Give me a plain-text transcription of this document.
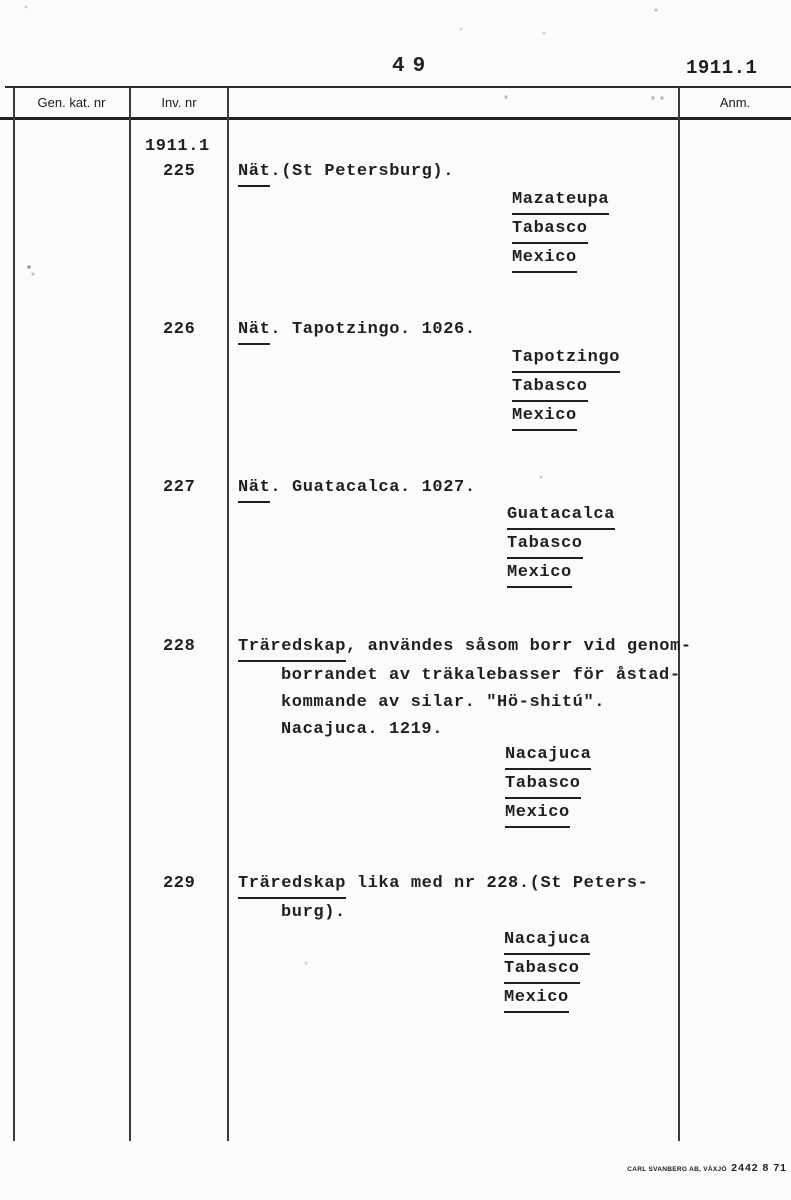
49	1911.1
Gen. kat. nr	Inv. nr	Anm.
1911.1
225	Nät.(St Petersburg).
Mazateupa
Tabasco
Mexico
226	Nät. Tapotzingo. 1026.
Tapotzingo
Tabasco
Mexico
227	Nät. Guatacalca. 1027.
Guatacalca
Tabasco
Mexico
228	Träredskap, användes såsom borr vid genom-
borrandet av träkalebasser för åstad-
kommande av silar. "Hö-shitú".
Nacajuca. 1219.
Nacajuca
Tabasco
Mexico
229	Träredskap lika med nr 228.(St Peters-
burg).
Nacajuca
Tabasco
Mexico
CARL SVANBERG AB, VÄXJÖ 2442 8 71
